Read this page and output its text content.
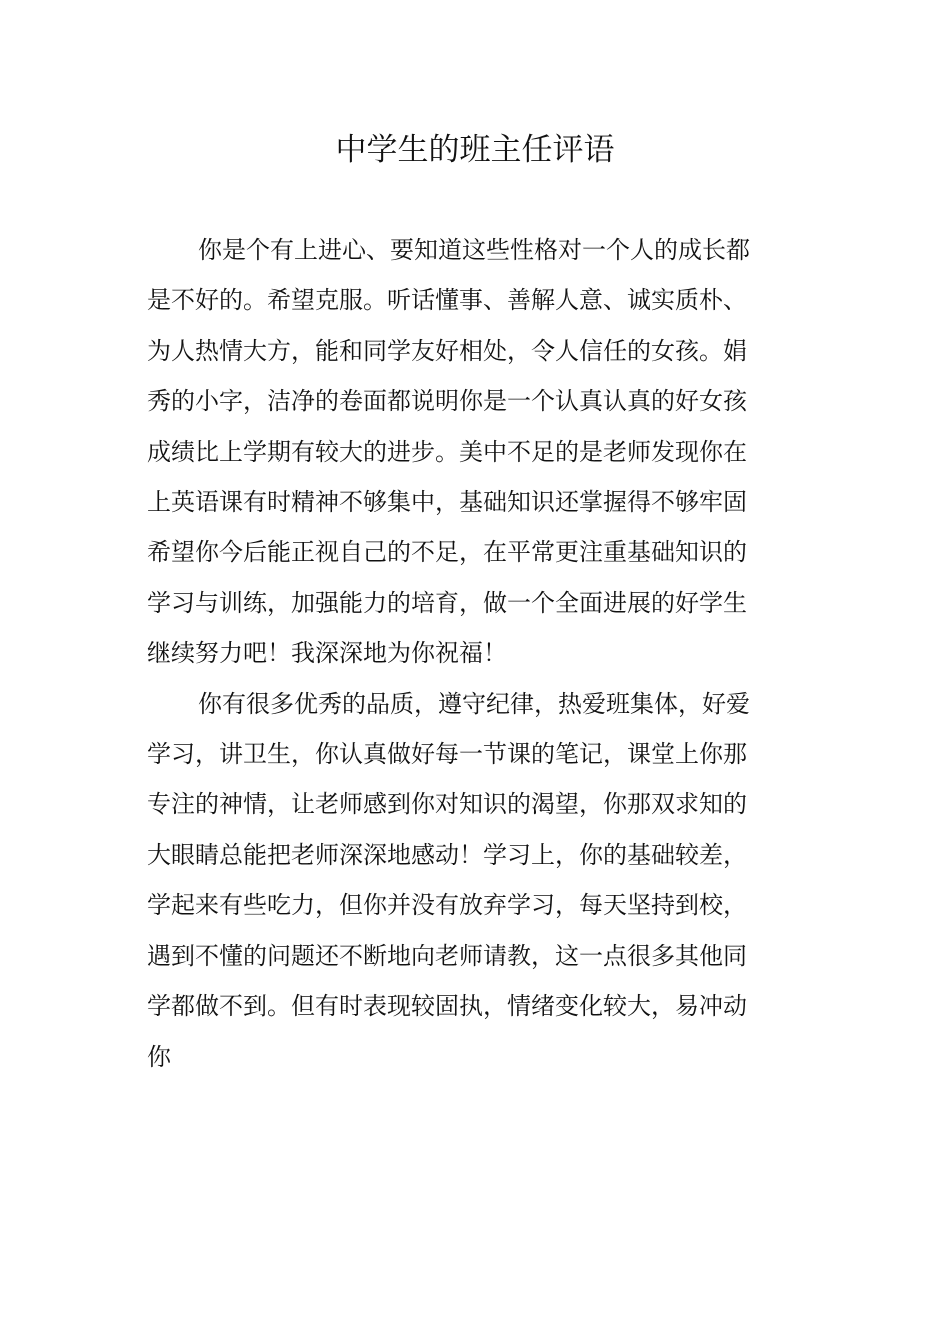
中学生的班主任评语

你是个有上进心、要知道这些性格对一个人的成长都
是不好的。希望克服。听话懂事、善解人意、诚实质朴、
为人热情大方，能和同学友好相处，令人信任的女孩。娟
秀的小字，洁净的卷面都说明你是一个认真认真的好女孩
成绩比上学期有较大的进步。美中不足的是老师发现你在
上英语课有时精神不够集中，基础知识还掌握得不够牢固
希望你今后能正视自己的不足，在平常更注重基础知识的
学习与训练，加强能力的培育，做一个全面进展的好学生
继续努力吧！我深深地为你祝福！

你有很多优秀的品质，遵守纪律，热爱班集体，好爱
学习，讲卫生，你认真做好每一节课的笔记，课堂上你那
专注的神情，让老师感到你对知识的渴望，你那双求知的
大眼睛总能把老师深深地感动！学习上，你的基础较差，
学起来有些吃力，但你并没有放弃学习，每天坚持到校，
遇到不懂的问题还不断地向老师请教，这一点很多其他同
学都做不到。但有时表现较固执，情绪变化较大，易冲动
你
